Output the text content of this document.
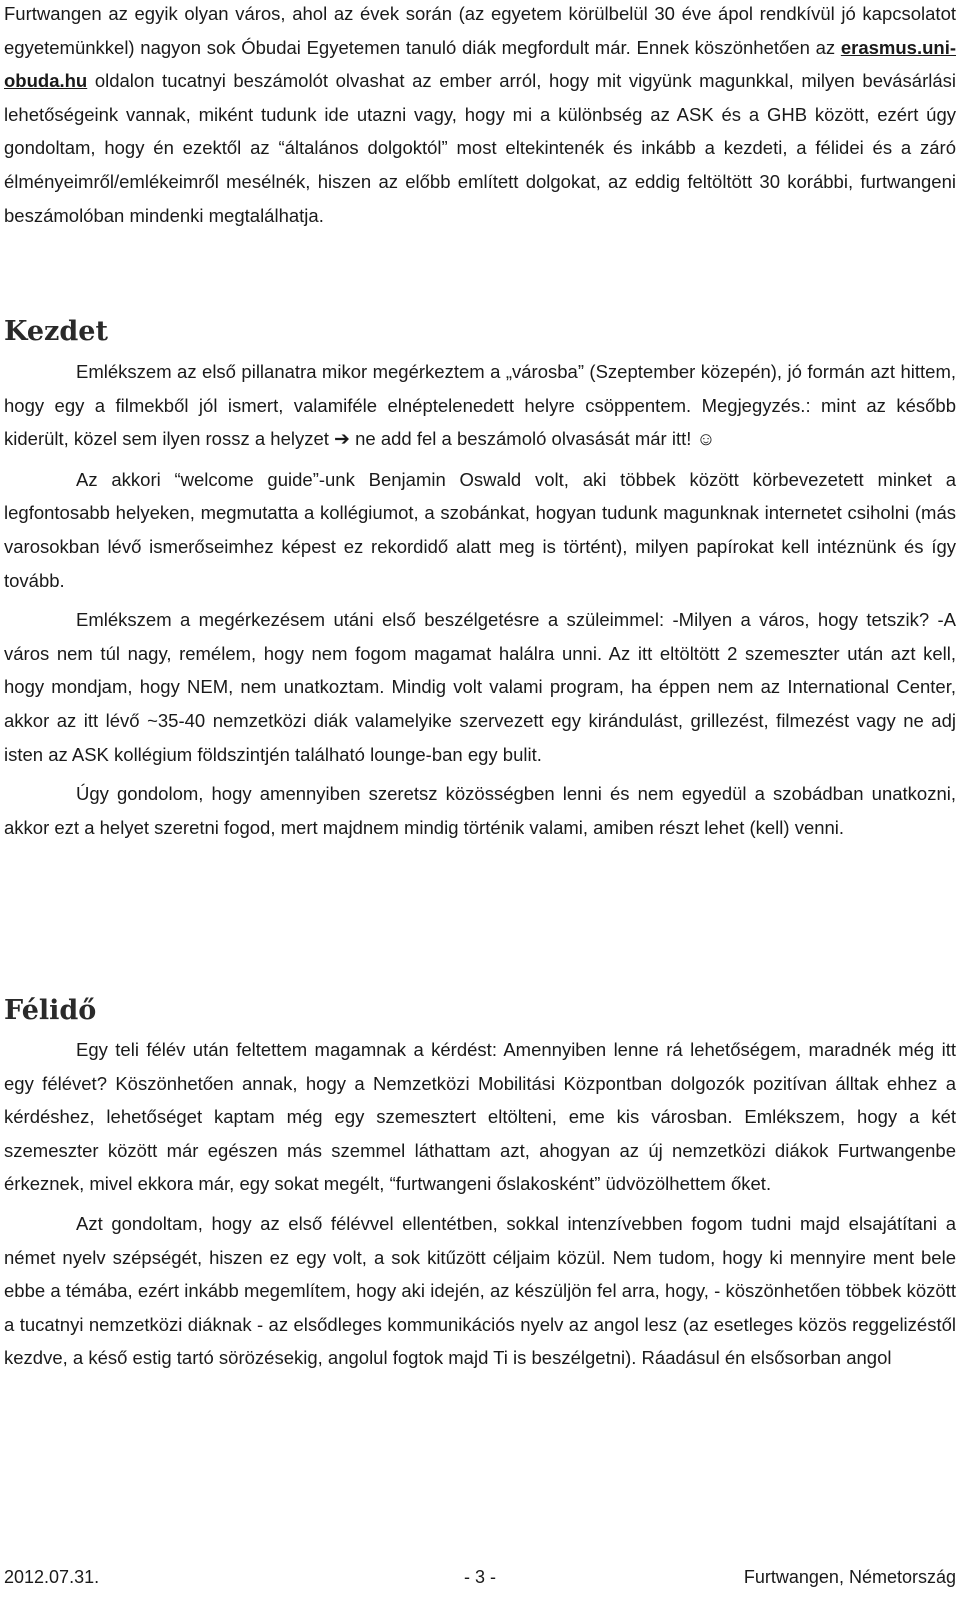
Furtwangen az egyik olyan város, ahol az évek során (az egyetem körülbelül 30 éve ápol rendkívül jó kapcsolatot egyetemünkkel) nagyon sok Óbudai Egyetemen tanuló diák megfordult már. Ennek köszönhetően az erasmus.uni-obuda.hu oldalon tucatnyi beszámolót olvashat az ember arról, hogy mit vigyünk magunkkal, milyen bevásárlási lehetőségeink vannak, miként tudunk ide utazni vagy, hogy mi a különbség az ASK és a GHB között, ezért úgy gondoltam, hogy én ezektől az “általános dolgoktól” most eltekintenék és inkább a kezdeti, a félidei és a záró élményeimről/emlékeimről mesélnék, hiszen az előbb említett dolgokat, az eddig feltöltött 30 korábbi, furtwangeni beszámolóban mindenki megtalálhatja.

Kezdet

Emlékszem az első pillanatra mikor megérkeztem a „városba” (Szeptember közepén), jó formán azt hittem, hogy egy a filmekből jól ismert, valamiféle elnéptelenedett helyre csöppentem. Megjegyzés.: mint az később kiderült, közel sem ilyen rossz a helyzet ➔ ne add fel a beszámoló olvasását már itt! ☺

Az akkori “welcome guide”-unk Benjamin Oswald volt, aki többek között körbevezetett minket a legfontosabb helyeken, megmutatta a kollégiumot, a szobánkat, hogyan tudunk magunknak internetet csiholni (más varosokban lévő ismerőseimhez képest ez rekordidő alatt meg is történt), milyen papírokat kell intéznünk és így tovább.

Emlékszem a megérkezésem utáni első beszélgetésre a szüleimmel: -Milyen a város, hogy tetszik? -A város nem túl nagy, remélem, hogy nem fogom magamat halálra unni. Az itt eltöltött 2 szemeszter után azt kell, hogy mondjam, hogy NEM, nem unatkoztam. Mindig volt valami program, ha éppen nem az International Center, akkor az itt lévő ~35-40 nemzetközi diák valamelyike szervezett egy kirándulást, grillezést, filmezést vagy ne adj isten az ASK kollégium földszintjén található lounge-ban egy bulit.

Úgy gondolom, hogy amennyiben szeretsz közösségben lenni és nem egyedül a szobádban unatkozni, akkor ezt a helyet szeretni fogod, mert majdnem mindig történik valami, amiben részt lehet (kell) venni.

Félidő

Egy teli félév után feltettem magamnak a kérdést: Amennyiben lenne rá lehetőségem, maradnék még itt egy félévet? Köszönhetően annak, hogy a Nemzetközi Mobilitási Központban dolgozók pozitívan álltak ehhez a kérdéshez, lehetőséget kaptam még egy szemesztert eltölteni, eme kis városban. Emlékszem, hogy a két szemeszter között már egészen más szemmel láthattam azt, ahogyan az új nemzetközi diákok Furtwangenbe érkeznek, mivel ekkora már, egy sokat megélt, “furtwangeni őslakosként” üdvözölhettem őket.

Azt gondoltam, hogy az első félévvel ellentétben, sokkal intenzívebben fogom tudni majd elsajátítani a német nyelv szépségét, hiszen ez egy volt, a sok kitűzött céljaim közül. Nem tudom, hogy ki mennyire ment bele ebbe a témába, ezért inkább megemlítem, hogy aki idején, az készüljön fel arra, hogy, - köszönhetően többek között a tucatnyi nemzetközi diáknak - az elsődleges kommunikációs nyelv az angol lesz (az esetleges közös reggelizéstől kezdve, a késő estig tartó sörözésekig, angolul fogtok majd Ti is beszélgetni). Ráadásul én elsősorban angol

2012.07.31.	- 3 -	Furtwangen, Németország
